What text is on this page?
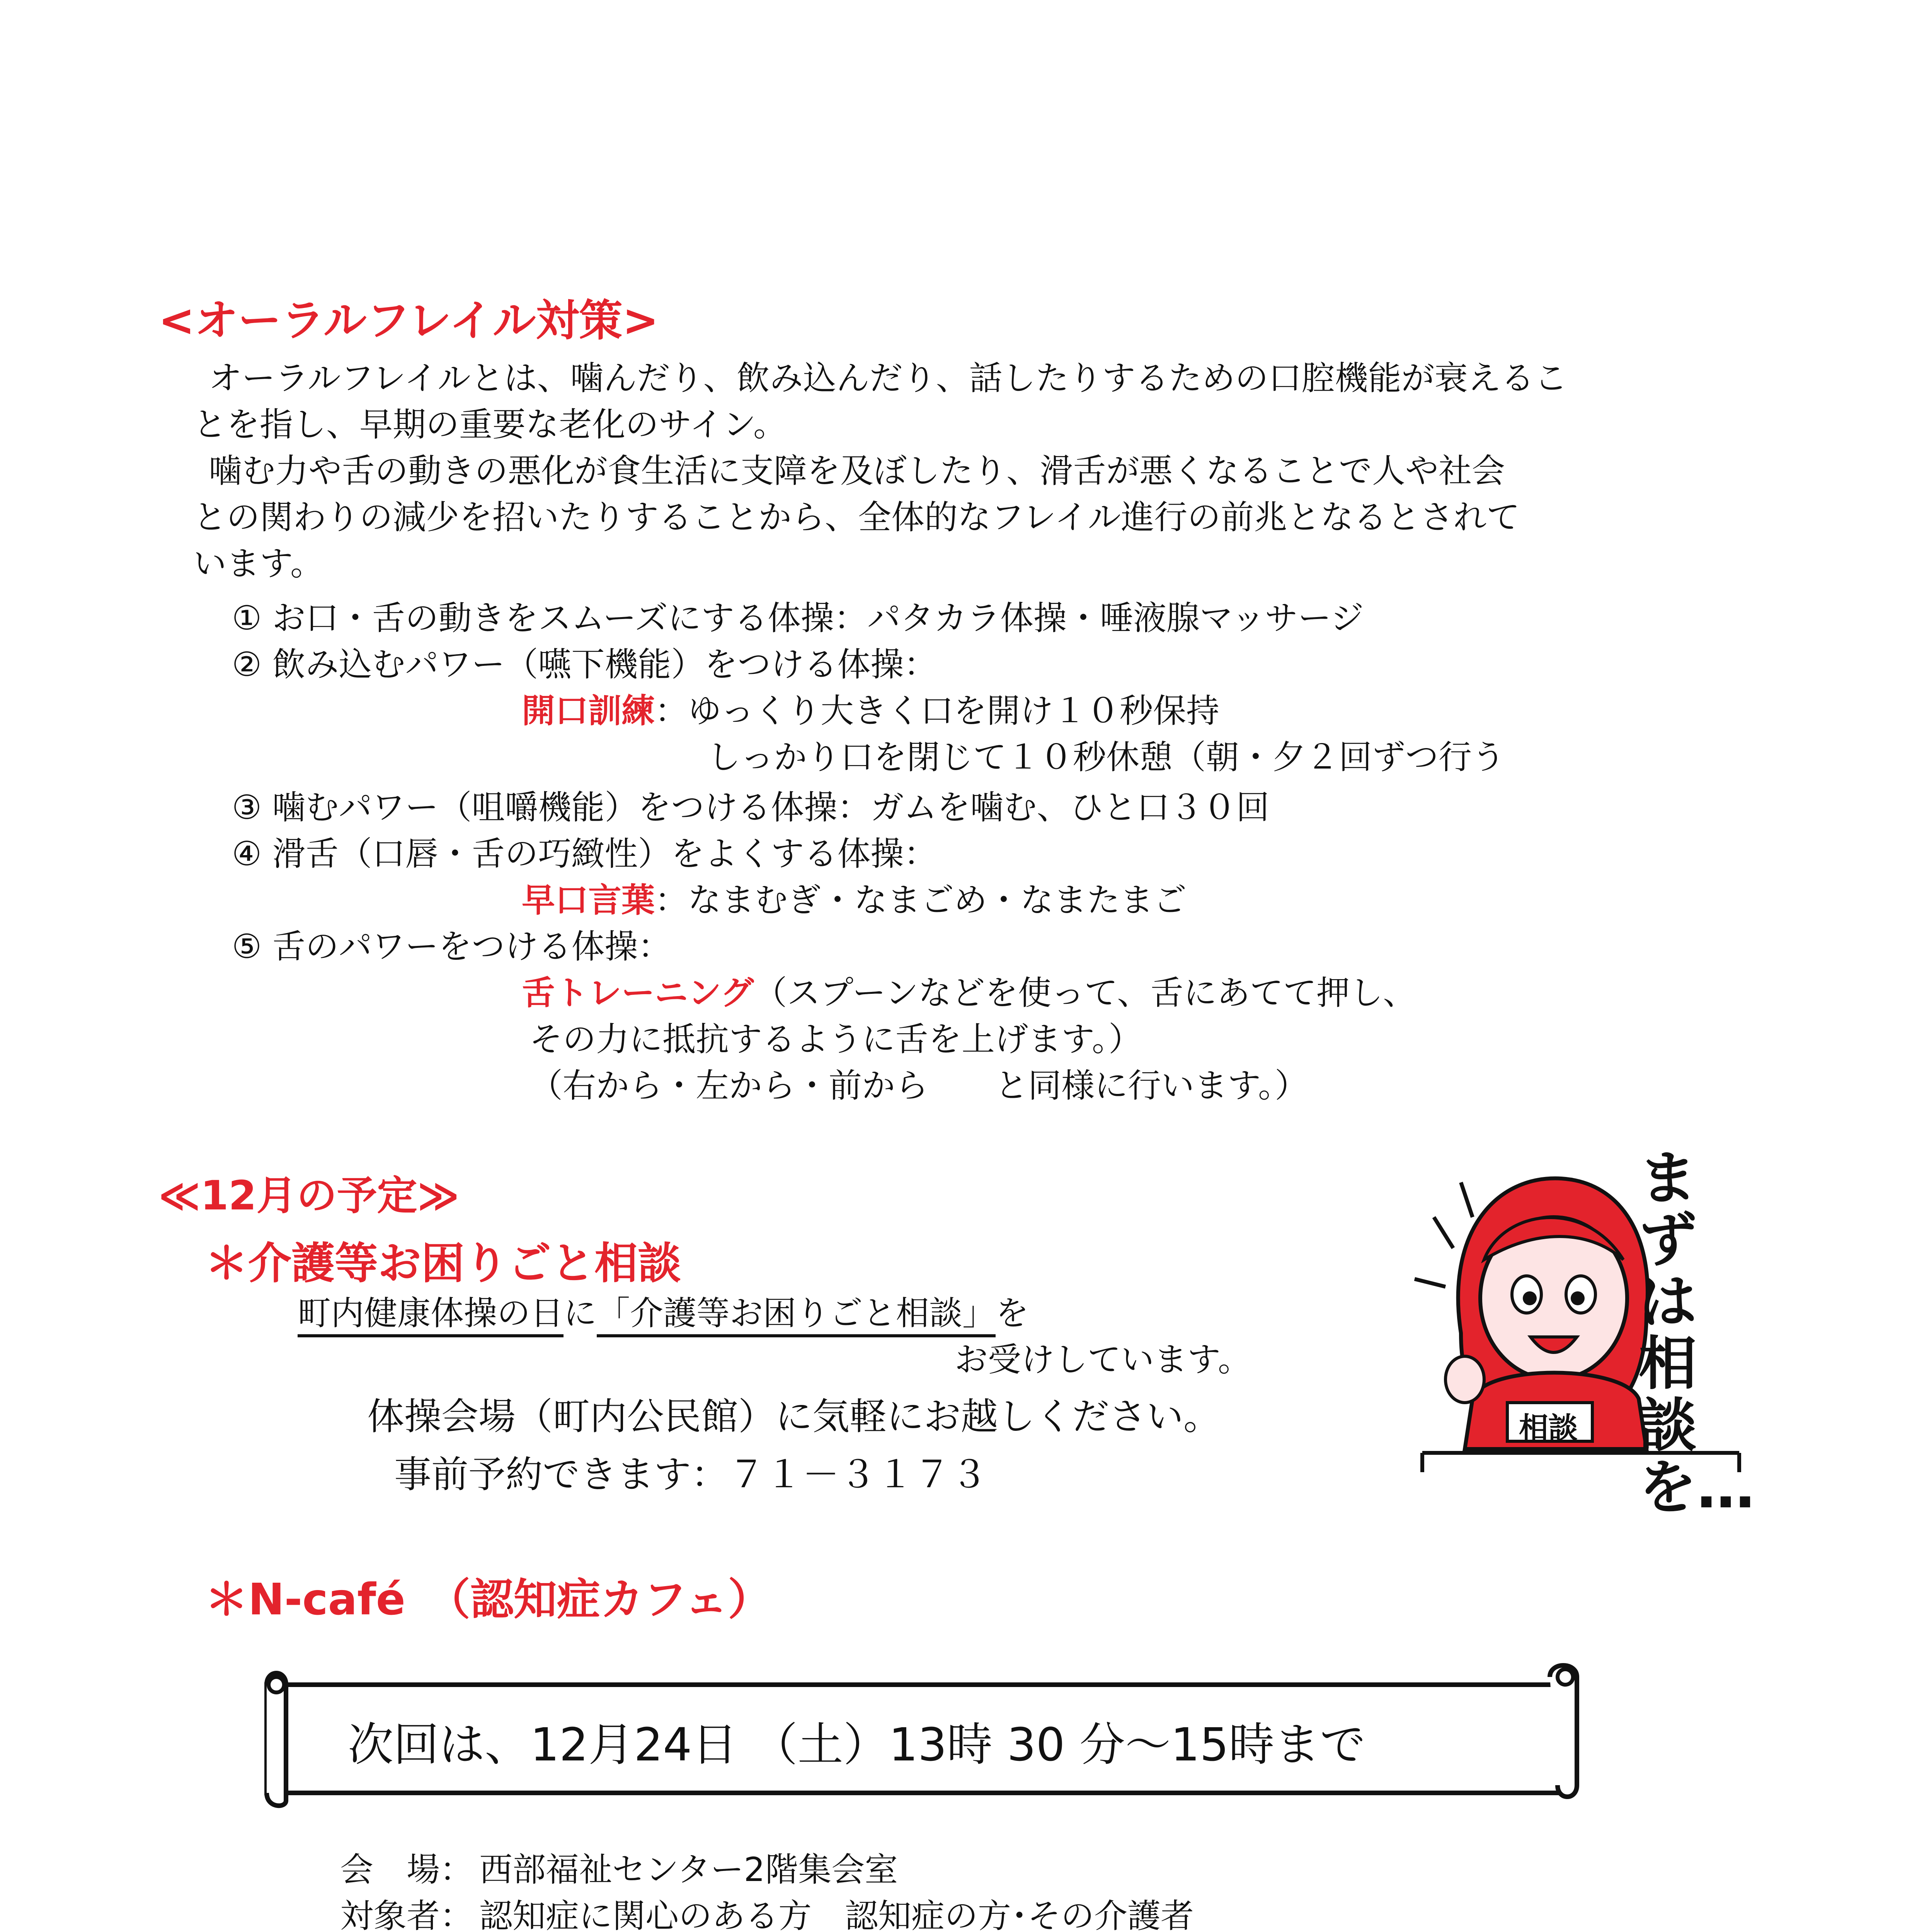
<オーラルフレイル対策>
オーラルフレイルとは、噛んだり、飲み込んだり、話したりするための口腔機能が衰えるこ
とを指し、早期の重要な老化のサイン。
噛む力や舌の動きの悪化が食生活に支障を及ぼしたり、滑舌が悪くなることで人や社会
との関わりの減少を招いたりすることから、全体的なフレイル進行の前兆となるとされて
います。
① お口・舌の動きをスムーズにする体操：パタカラ体操・唾液腺マッサージ
② 飲み込むパワー（嚥下機能）をつける体操：
開口訓練：ゆっくり大きく口を開け１０秒保持
しっかり口を閉じて１０秒休憩（朝・夕２回ずつ行う
③ 噛むパワー（咀嚼機能）をつける体操：ガムを噛む、ひと口３０回
④ 滑舌（口唇・舌の巧緻性）をよくする体操：
早口言葉：なまむぎ・なまごめ・なまたまご
⑤ 舌のパワーをつける体操：
舌トレーニング（スプーンなどを使って、舌にあてて押し、
その力に抵抗するように舌を上げます。）
（右から・左から・前から　　と同様に行います。）
≪12月の予定≫
＊介護等お困りごと相談
町内健康体操の日に「介護等お困りごと相談」を
お受けしています。
体操会場（町内公民館）に気軽にお越しください。
事前予約できます：７１－３１７３
相談
まずは相談を…
＊N-café　（認知症カフェ）
次回は、12月24日 （土）13時 30 分～15時まで
会　場： 西部福祉センター2階集会室
対象者： 認知症に関心のある方　認知症の方･その介護者
